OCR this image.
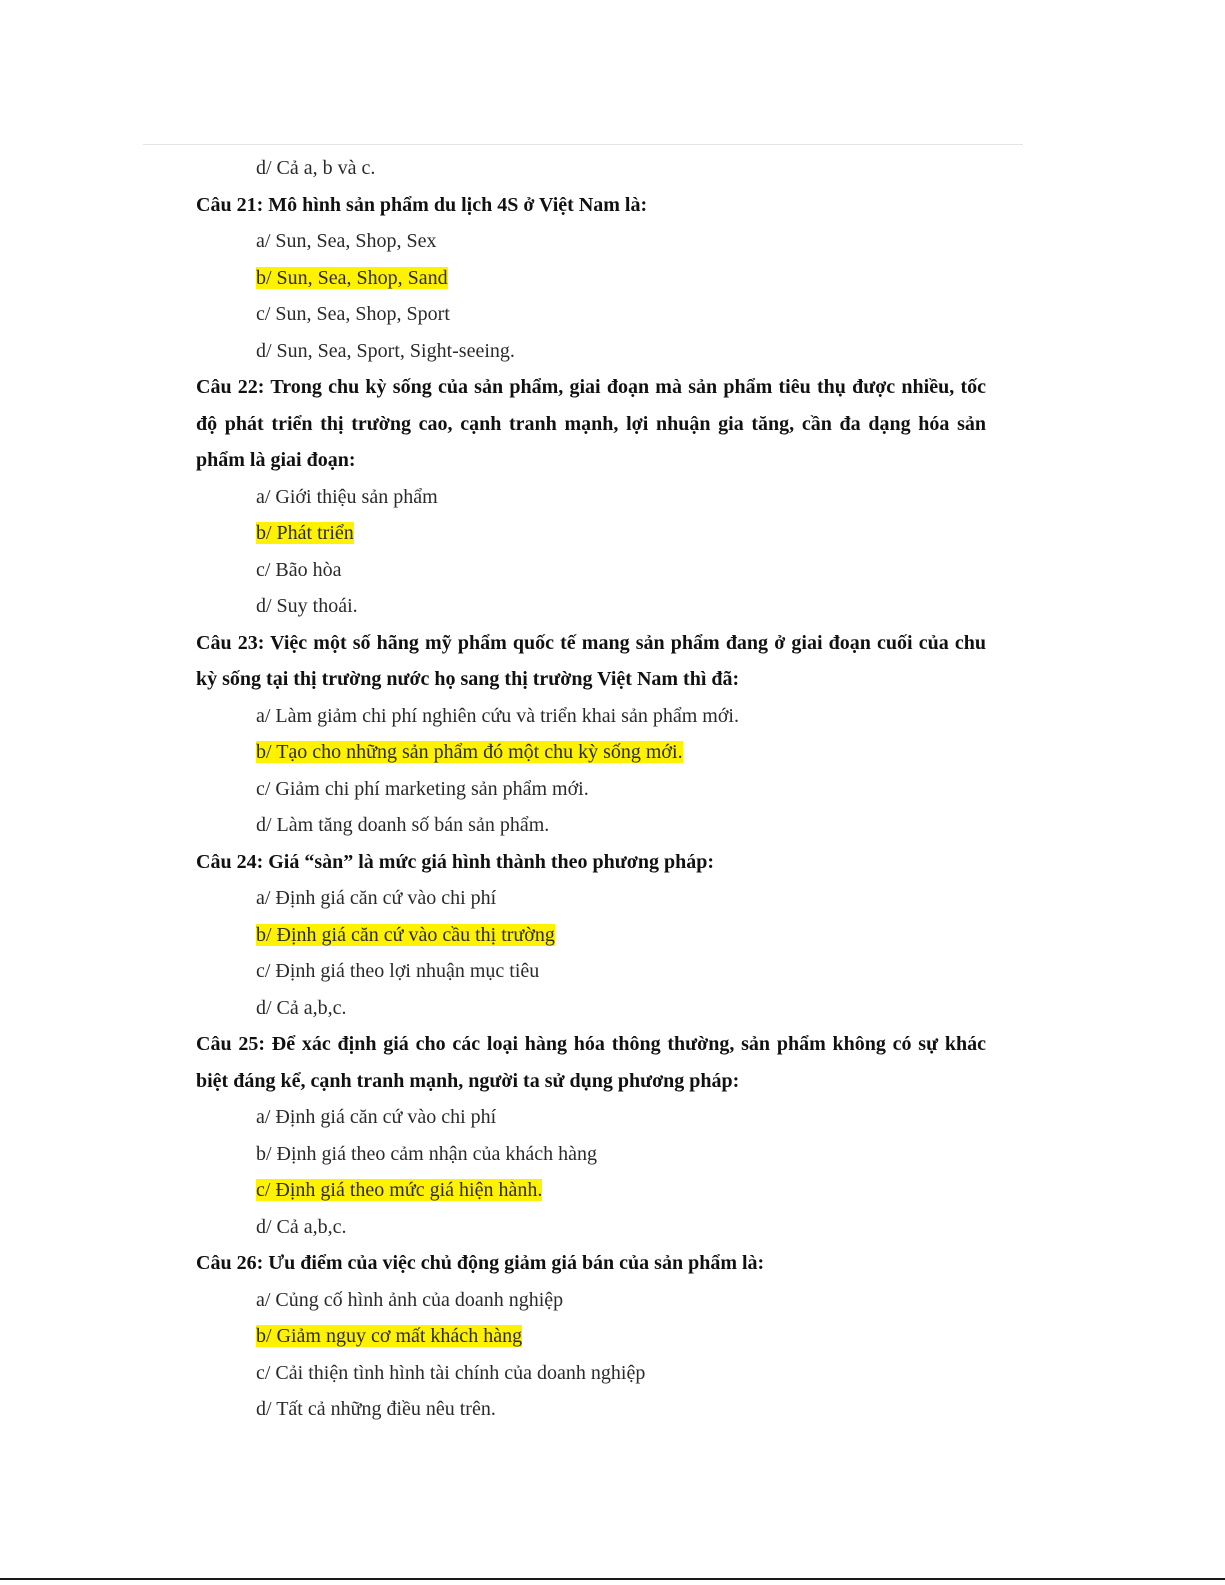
d/ Cả a, b và c.
Câu 21: Mô hình sản phẩm du lịch 4S ở Việt Nam là:
a/ Sun, Sea, Shop, Sex
b/ Sun, Sea, Shop, Sand
c/ Sun, Sea, Shop, Sport
d/ Sun, Sea, Sport, Sight-seeing.
Câu 22: Trong chu kỳ sống của sản phẩm, giai đoạn mà sản phẩm tiêu thụ được nhiều, tốc độ phát triển thị trường cao, cạnh tranh mạnh, lợi nhuận gia tăng, cần đa dạng hóa sản phẩm là giai đoạn:
a/ Giới thiệu sản phẩm
b/ Phát triển
c/ Bão hòa
d/ Suy thoái.
Câu 23: Việc một số hãng mỹ phẩm quốc tế mang sản phẩm đang ở giai đoạn cuối của chu kỳ sống tại thị trường nước họ sang thị trường Việt Nam thì đã:
a/ Làm giảm chi phí nghiên cứu và triển khai sản phẩm mới.
b/ Tạo cho những sản phẩm đó một chu kỳ sống mới.
c/ Giảm chi phí marketing sản phẩm mới.
d/ Làm tăng doanh số bán sản phẩm.
Câu 24: Giá “sàn” là mức giá hình thành theo phương pháp:
a/ Định giá căn cứ vào chi phí
b/ Định giá căn cứ vào cầu thị trường
c/ Định giá theo lợi nhuận mục tiêu
d/ Cả a,b,c.
Câu 25: Để xác định giá cho các loại hàng hóa thông thường, sản phẩm không có sự khác biệt đáng kể, cạnh tranh mạnh, người ta sử dụng phương pháp:
a/ Định giá căn cứ vào chi phí
b/ Định giá theo cảm nhận của khách hàng
c/ Định giá theo mức giá hiện hành.
d/ Cả a,b,c.
Câu 26: Ưu điểm của việc chủ động giảm giá bán của sản phẩm là:
a/ Củng cố hình ảnh của doanh nghiệp
b/ Giảm nguy cơ mất khách hàng
c/ Cải thiện tình hình tài chính của doanh nghiệp
d/ Tất cả những điều nêu trên.
